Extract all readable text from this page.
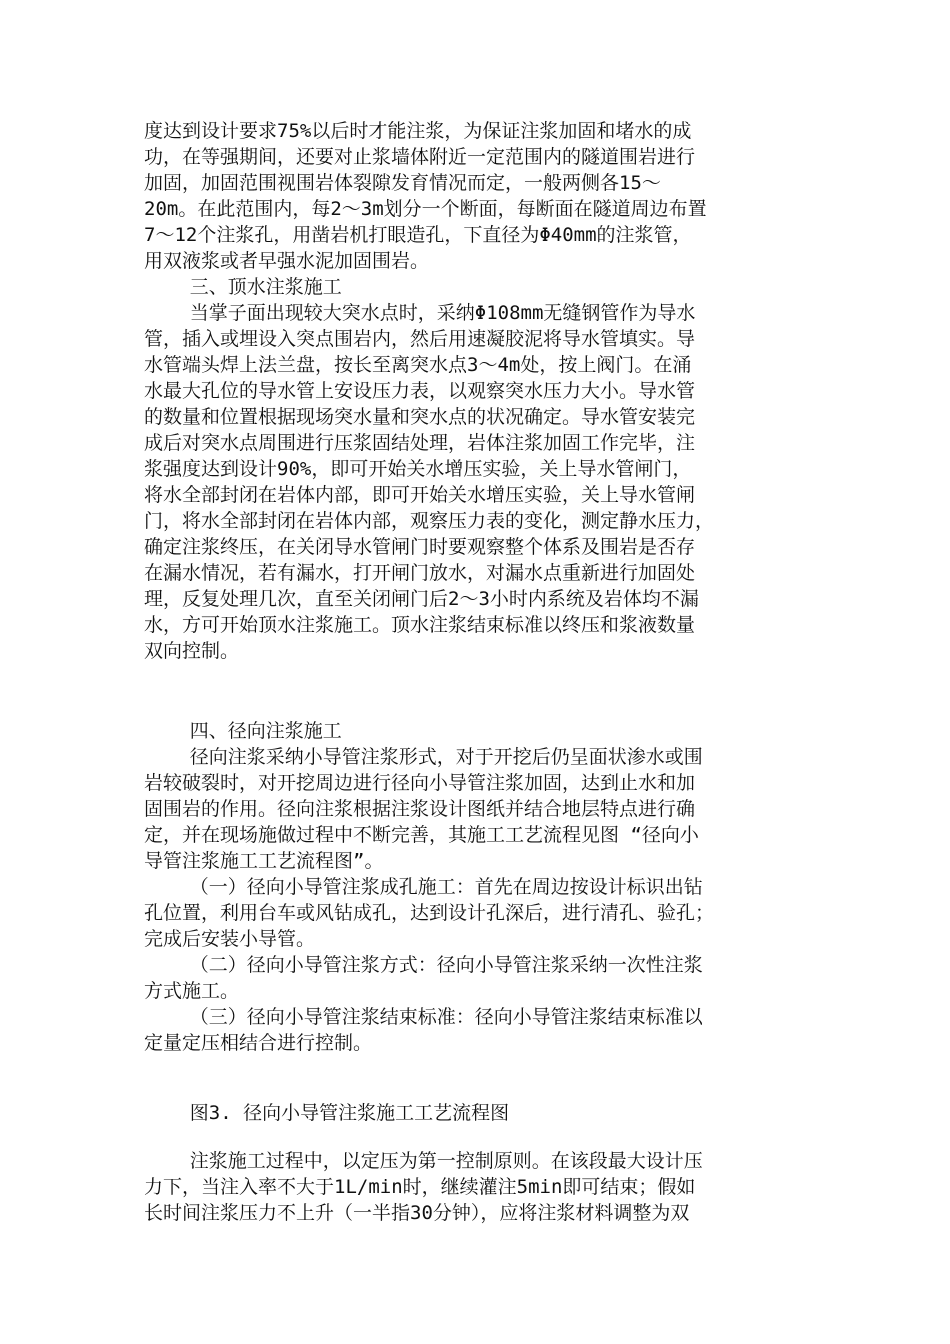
度达到设计要求75%以后时才能注浆，为保证注浆加固和堵水的成

功，在等强期间，还要对止浆墙体附近一定范围内的隧道围岩进行

加固，加固范围视围岩体裂隙发育情况而定，一般两侧各15～

20m。在此范围内，每2～3m划分一个断面，每断面在隧道周边布置

7～12个注浆孔，用凿岩机打眼造孔，下直径为Φ40mm的注浆管，

用双液浆或者早强水泥加固围岩。

三、顶水注浆施工

当掌子面出现较大突水点时，采纳Φ108mm无缝钢管作为导水

管，插入或埋设入突点围岩内，然后用速凝胶泥将导水管填实。导

水管端头焊上法兰盘，按长至离突水点3～4m处，按上阀门。在涌

水最大孔位的导水管上安设压力表，以观察突水压力大小。导水管

的数量和位置根据现场突水量和突水点的状况确定。导水管安装完

成后对突水点周围进行压浆固结处理，岩体注浆加固工作完毕，注

浆强度达到设计90%，即可开始关水增压实验，关上导水管闸门，

将水全部封闭在岩体内部，即可开始关水增压实验，关上导水管闸

门，将水全部封闭在岩体内部，观察压力表的变化，测定静水压力，

确定注浆终压，在关闭导水管闸门时要观察整个体系及围岩是否存

在漏水情况，若有漏水，打开闸门放水，对漏水点重新进行加固处

理，反复处理几次，直至关闭闸门后2～3小时内系统及岩体均不漏

水，方可开始顶水注浆施工。顶水注浆结束标准以终压和浆液数量

双向控制。

四、径向注浆施工

径向注浆采纳小导管注浆形式，对于开挖后仍呈面状渗水或围

岩较破裂时，对开挖周边进行径向小导管注浆加固，达到止水和加

固围岩的作用。径向注浆根据注浆设计图纸并结合地层特点进行确

定，并在现场施做过程中不断完善，其施工工艺流程见图 “径向小

导管注浆施工工艺流程图”。

（一）径向小导管注浆成孔施工：首先在周边按设计标识出钻

孔位置，利用台车或风钻成孔，达到设计孔深后，进行清孔、验孔；

完成后安装小导管。

（二）径向小导管注浆方式：径向小导管注浆采纳一次性注浆

方式施工。

（三）径向小导管注浆结束标准：径向小导管注浆结束标准以

定量定压相结合进行控制。

图3. 径向小导管注浆施工工艺流程图

注浆施工过程中，以定压为第一控制原则。在该段最大设计压

力下，当注入率不大于1L/min时，继续灌注5min即可结束；假如

长时间注浆压力不上升（一半指30分钟），应将注浆材料调整为双
